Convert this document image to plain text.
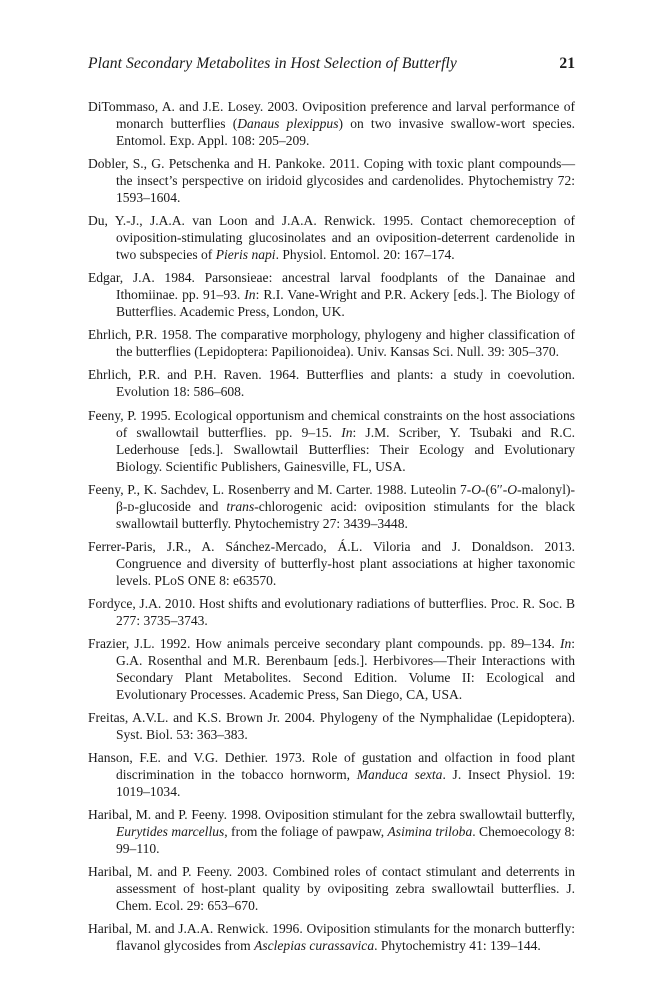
Plant Secondary Metabolites in Host Selection of Butterfly	21
DiTommaso, A. and J.E. Losey. 2003. Oviposition preference and larval performance of monarch butterflies (Danaus plexippus) on two invasive swallow-wort species. Entomol. Exp. Appl. 108: 205–209.
Dobler, S., G. Petschenka and H. Pankoke. 2011. Coping with toxic plant compounds—the insect’s perspective on iridoid glycosides and cardenolides. Phytochemistry 72: 1593–1604.
Du, Y.-J., J.A.A. van Loon and J.A.A. Renwick. 1995. Contact chemoreception of oviposition-stimulating glucosinolates and an oviposition-deterrent cardenolide in two subspecies of Pieris napi. Physiol. Entomol. 20: 167–174.
Edgar, J.A. 1984. Parsonsieae: ancestral larval foodplants of the Danainae and Ithomiinae. pp. 91–93. In: R.I. Vane-Wright and P.R. Ackery [eds.]. The Biology of Butterflies. Academic Press, London, UK.
Ehrlich, P.R. 1958. The comparative morphology, phylogeny and higher classification of the butterflies (Lepidoptera: Papilionoidea). Univ. Kansas Sci. Null. 39: 305–370.
Ehrlich, P.R. and P.H. Raven. 1964. Butterflies and plants: a study in coevolution. Evolution 18: 586–608.
Feeny, P. 1995. Ecological opportunism and chemical constraints on the host associations of swallowtail butterflies. pp. 9–15. In: J.M. Scriber, Y. Tsubaki and R.C. Lederhouse [eds.]. Swallowtail Butterflies: Their Ecology and Evolutionary Biology. Scientific Publishers, Gainesville, FL, USA.
Feeny, P., K. Sachdev, L. Rosenberry and M. Carter. 1988. Luteolin 7-O-(6′′-O-malonyl)-β-ᴅ-glucoside and trans-chlorogenic acid: oviposition stimulants for the black swallowtail butterfly. Phytochemistry 27: 3439–3448.
Ferrer-Paris, J.R., A. Sánchez-Mercado, Á.L. Viloria and J. Donaldson. 2013. Congruence and diversity of butterfly-host plant associations at higher taxonomic levels. PLoS ONE 8: e63570.
Fordyce, J.A. 2010. Host shifts and evolutionary radiations of butterflies. Proc. R. Soc. B 277: 3735–3743.
Frazier, J.L. 1992. How animals perceive secondary plant compounds. pp. 89–134. In: G.A. Rosenthal and M.R. Berenbaum [eds.]. Herbivores—Their Interactions with Secondary Plant Metabolites. Second Edition. Volume II: Ecological and Evolutionary Processes. Academic Press, San Diego, CA, USA.
Freitas, A.V.L. and K.S. Brown Jr. 2004. Phylogeny of the Nymphalidae (Lepidoptera). Syst. Biol. 53: 363–383.
Hanson, F.E. and V.G. Dethier. 1973. Role of gustation and olfaction in food plant discrimination in the tobacco hornworm, Manduca sexta. J. Insect Physiol. 19: 1019–1034.
Haribal, M. and P. Feeny. 1998. Oviposition stimulant for the zebra swallowtail butterfly, Eurytides marcellus, from the foliage of pawpaw, Asimina triloba. Chemoecology 8: 99–110.
Haribal, M. and P. Feeny. 2003. Combined roles of contact stimulant and deterrents in assessment of host-plant quality by ovipositing zebra swallowtail butterflies. J. Chem. Ecol. 29: 653–670.
Haribal, M. and J.A.A. Renwick. 1996. Oviposition stimulants for the monarch butterfly: flavanol glycosides from Asclepias curassavica. Phytochemistry 41: 139–144.
